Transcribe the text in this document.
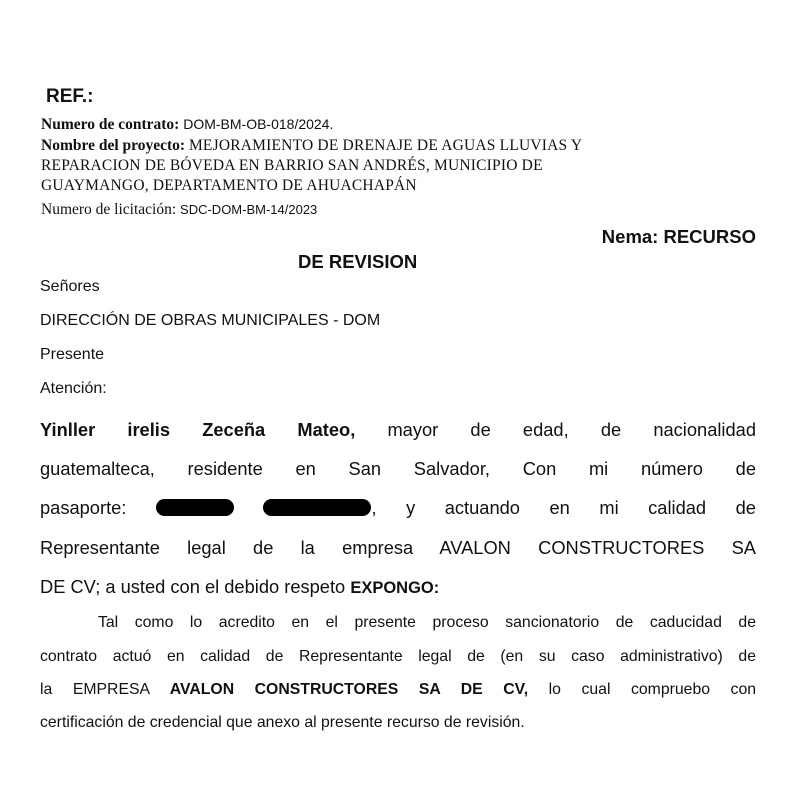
REF.:
Numero de contrato: DOM-BM-OB-018/2024.
Nombre del proyecto: MEJORAMIENTO DE DRENAJE DE AGUAS LLUVIAS Y
REPARACION DE BÓVEDA EN BARRIO SAN ANDRÉS, MUNICIPIO DE
GUAYMANGO, DEPARTAMENTO DE AHUACHAPÁN
Numero de licitación: SDC-DOM-BM-14/2023
Nema: RECURSO
DE REVISION
Señores
DIRECCIÓN DE OBRAS MUNICIPALES - DOM
Presente
Atención:
Yinller irelis Zeceña Mateo, mayor de edad, de nacionalidad
guatemalteca, residente en San Salvador, Con mi número de
pasaporte:	, y actuando en mi calidad de
Representante legal de la empresa AVALON CONSTRUCTORES SA
DE CV; a usted con el debido respeto EXPONGO:
Tal como lo acredito en el presente proceso sancionatorio de caducidad de
contrato actuó en calidad de Representante legal de (en su caso administrativo) de
la EMPRESA AVALON CONSTRUCTORES SA DE CV, lo cual compruebo con
certificación de credencial que anexo al presente recurso de revisión.
